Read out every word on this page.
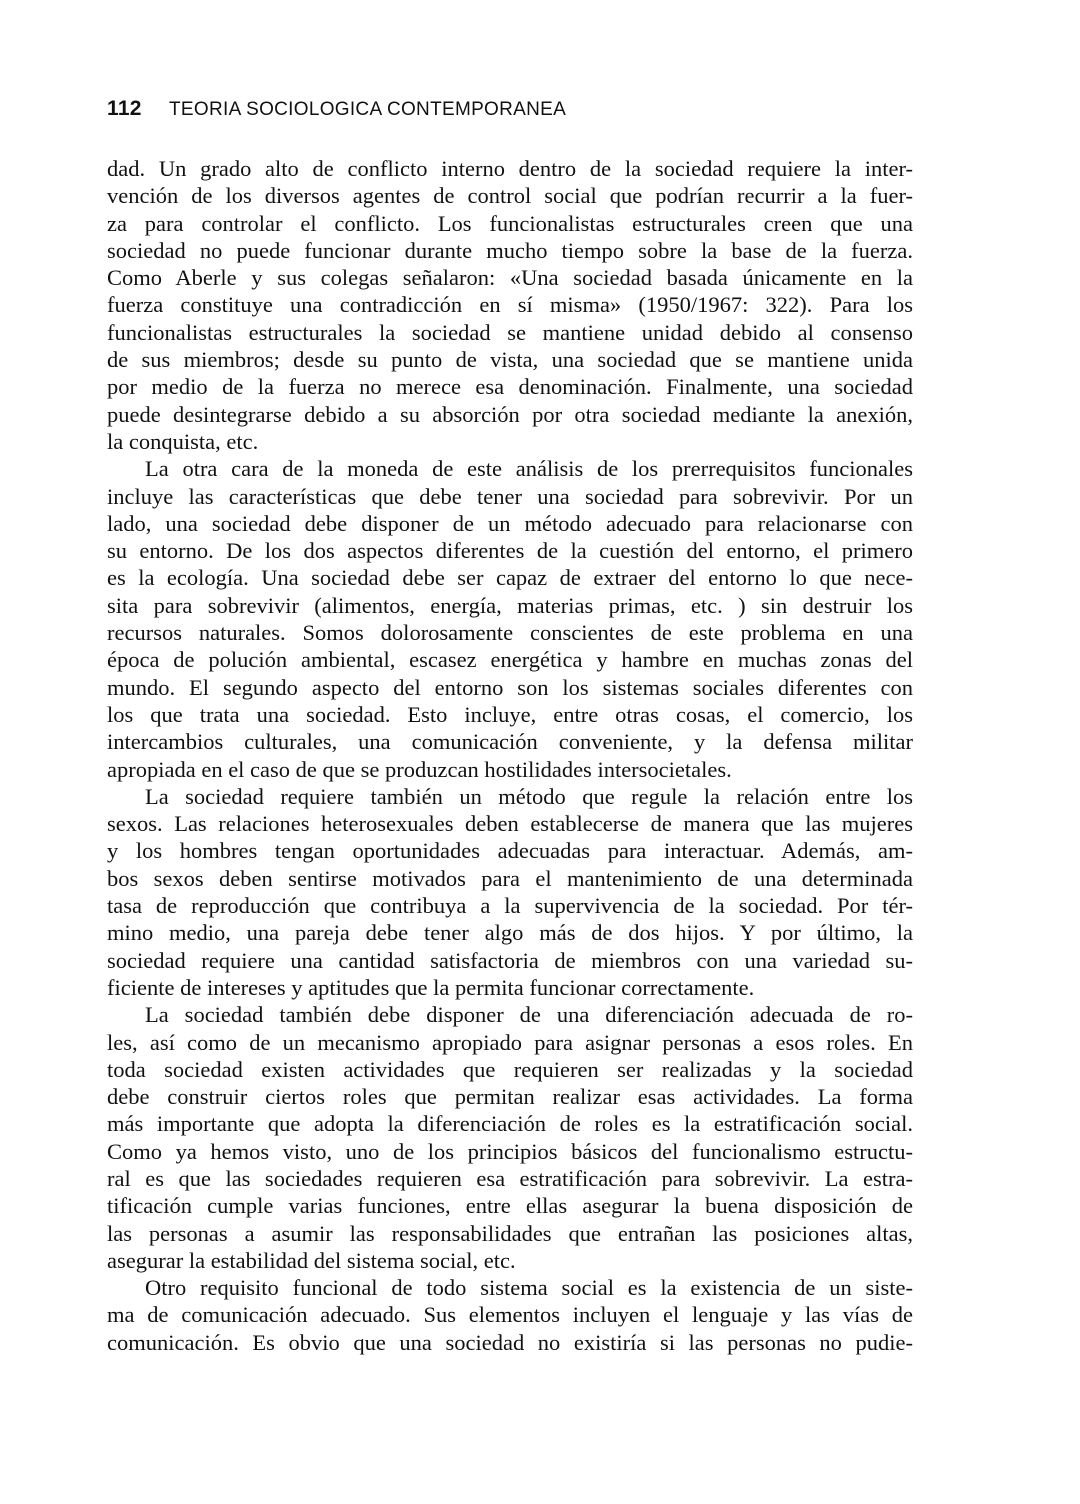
112 TEORIA SOCIOLOGICA CONTEMPORANEA
dad. Un grado alto de conflicto interno dentro de la sociedad requiere la inter-
vención de los diversos agentes de control social que podrían recurrir a la fuer-
za para controlar el conflicto. Los funcionalistas estructurales creen que una
sociedad no puede funcionar durante mucho tiempo sobre la base de la fuerza.
Como Aberle y sus colegas señalaron: «Una sociedad basada únicamente en la
fuerza constituye una contradicción en sí misma» (1950/1967: 322). Para los
funcionalistas estructurales la sociedad se mantiene unidad debido al consenso
de sus miembros; desde su punto de vista, una sociedad que se mantiene unida
por medio de la fuerza no merece esa denominación. Finalmente, una sociedad
puede desintegrarse debido a su absorción por otra sociedad mediante la anexión,
la conquista, etc.
La otra cara de la moneda de este análisis de los prerrequisitos funcionales
incluye las características que debe tener una sociedad para sobrevivir. Por un
lado, una sociedad debe disponer de un método adecuado para relacionarse con
su entorno. De los dos aspectos diferentes de la cuestión del entorno, el primero
es la ecología. Una sociedad debe ser capaz de extraer del entorno lo que nece-
sita para sobrevivir (alimentos, energía, materias primas, etc. ) sin destruir los
recursos naturales. Somos dolorosamente conscientes de este problema en una
época de polución ambiental, escasez energética y hambre en muchas zonas del
mundo. El segundo aspecto del entorno son los sistemas sociales diferentes con
los que trata una sociedad. Esto incluye, entre otras cosas, el comercio, los
intercambios culturales, una comunicación conveniente, y la defensa militar
apropiada en el caso de que se produzcan hostilidades intersocietales.
La sociedad requiere también un método que regule la relación entre los
sexos. Las relaciones heterosexuales deben establecerse de manera que las mujeres
y los hombres tengan oportunidades adecuadas para interactuar. Además, am-
bos sexos deben sentirse motivados para el mantenimiento de una determinada
tasa de reproducción que contribuya a la supervivencia de la sociedad. Por tér-
mino medio, una pareja debe tener algo más de dos hijos. Y por último, la
sociedad requiere una cantidad satisfactoria de miembros con una variedad su-
ficiente de intereses y aptitudes que la permita funcionar correctamente.
La sociedad también debe disponer de una diferenciación adecuada de ro-
les, así como de un mecanismo apropiado para asignar personas a esos roles. En
toda sociedad existen actividades que requieren ser realizadas y la sociedad
debe construir ciertos roles que permitan realizar esas actividades. La forma
más importante que adopta la diferenciación de roles es la estratificación social.
Como ya hemos visto, uno de los principios básicos del funcionalismo estructu-
ral es que las sociedades requieren esa estratificación para sobrevivir. La estra-
tificación cumple varias funciones, entre ellas asegurar la buena disposición de
las personas a asumir las responsabilidades que entrañan las posiciones altas,
asegurar la estabilidad del sistema social, etc.
Otro requisito funcional de todo sistema social es la existencia de un siste-
ma de comunicación adecuado. Sus elementos incluyen el lenguaje y las vías de
comunicación. Es obvio que una sociedad no existiría si las personas no pudie-
